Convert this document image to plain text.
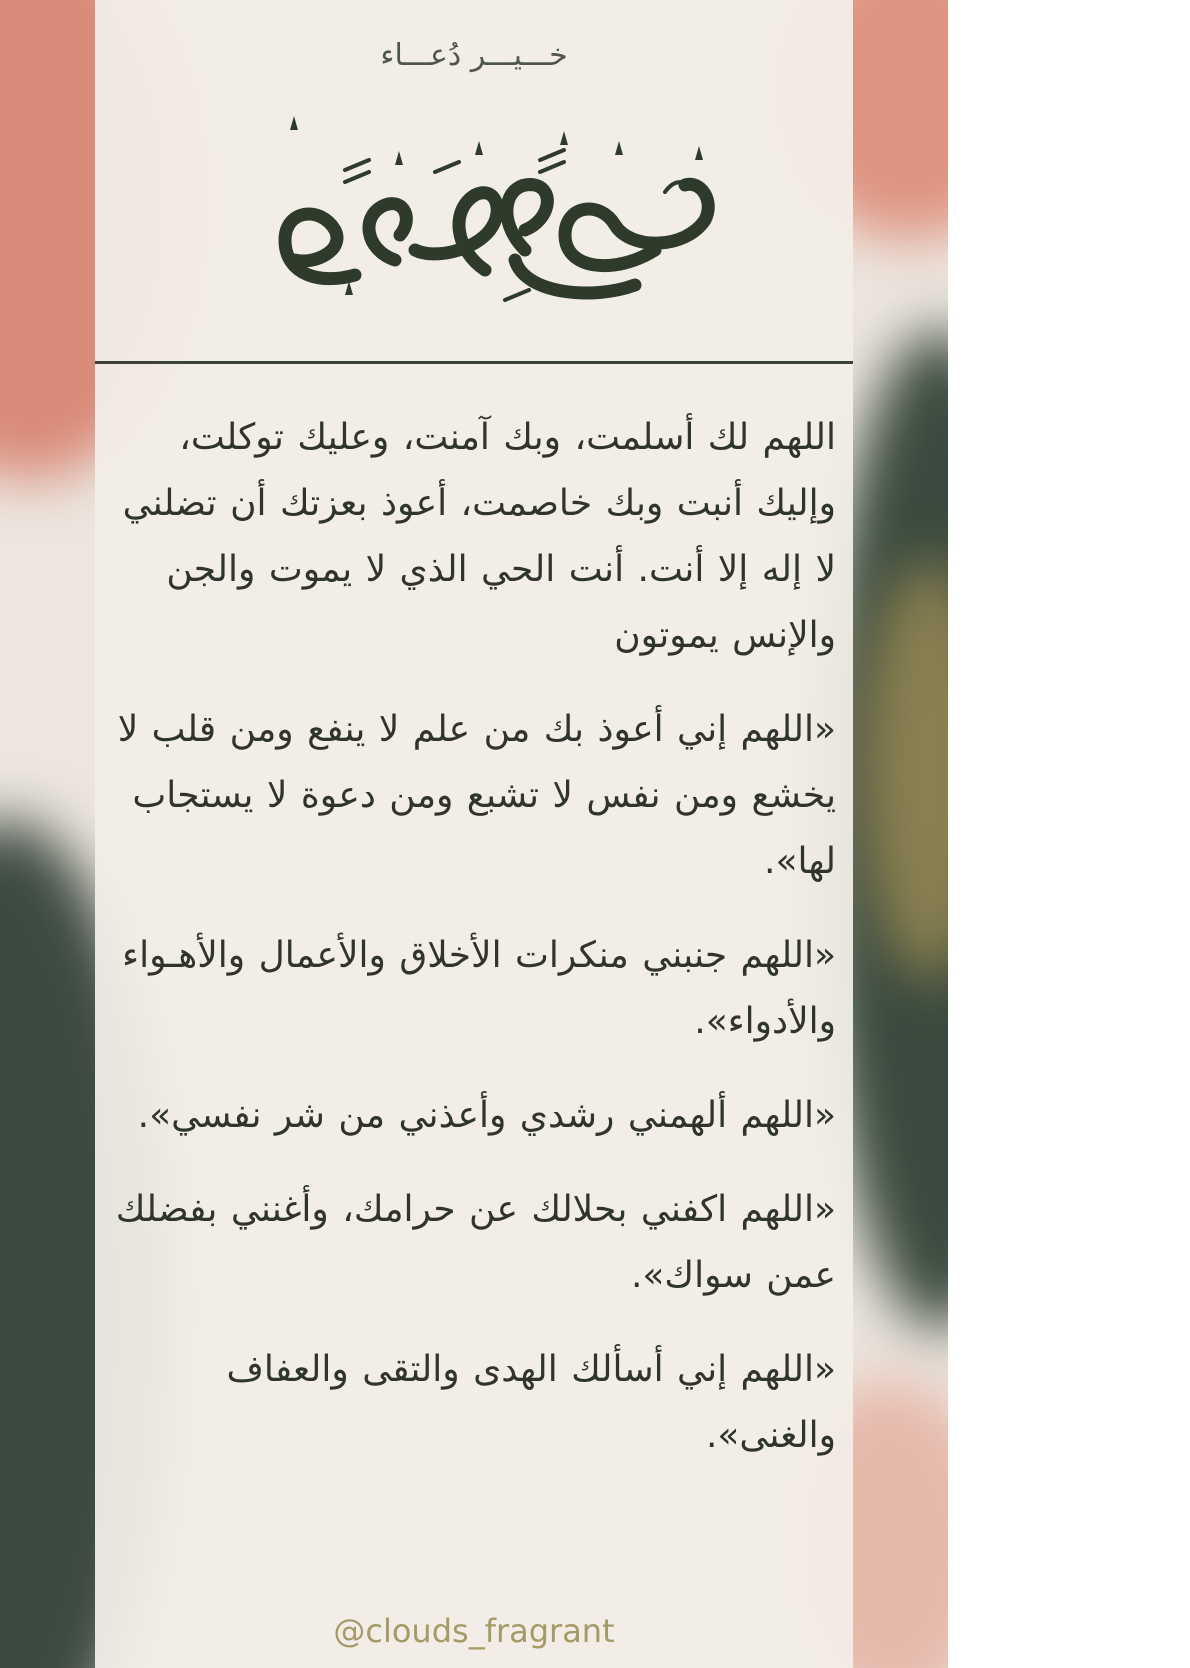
خـــيـــر دُعـــاء

اللهم لك أسلمت، وبك آمنت، وعليك توكلت، وإليك أنبت وبك خاصمت، أعوذ بعزتك أن تضلني لا إله إلا أنت. أنت الحي الذي لا يموت والجن والإنس يموتون

«اللهم إني أعوذ بك من علم لا ينفع ومن قلب لا يخشع ومن نفس لا تشبع ومن دعوة لا يستجاب لها».

«اللهم جنبني منكرات الأخلاق والأعمال والأهـواء والأدواء».

«اللهم ألهمني رشدي وأعذني من شر نفسي».

«اللهم اكفني بحلالك عن حرامك، وأغنني بفضلك عمن سواك».

«اللهم إني أسألك الهدى والتقى والعفاف والغنى».

@clouds_fragrant
